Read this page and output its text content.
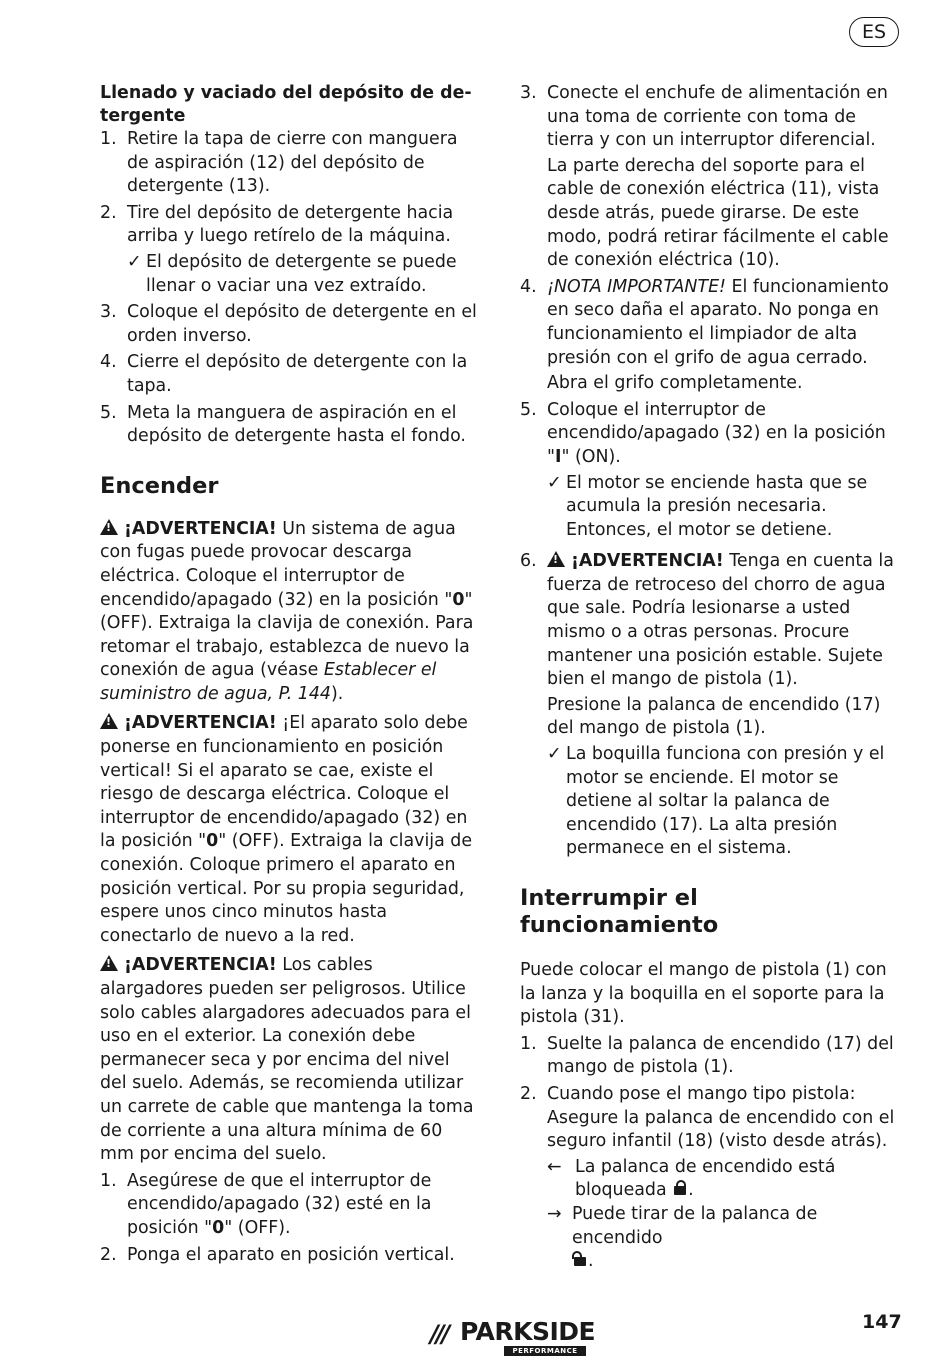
ES

Llenado y vaciado del depósito de de-
tergente

1. Retire la tapa de cierre con manguera de aspiración (12) del depósito de detergente (13).
2. Tire del depósito de detergente hacia arriba y luego retírelo de la máquina.
✓ El depósito de detergente se puede llenar o vaciar una vez extraído.
3. Coloque el depósito de detergente en el orden inverso.
4. Cierre el depósito de detergente con la tapa.
5. Meta la manguera de aspiración en el depósito de detergente hasta el fondo.
Encender

!¡ADVERTENCIA! Un sistema de agua con fugas puede provocar descarga eléctrica. Coloque el interruptor de encendido/apagado (32) en la posición "0" (OFF). Extraiga la clavija de conexión. Para retomar el trabajo, establezca de nuevo la conexión de agua (véase Establecer el suministro de agua, P. 144).

!¡ADVERTENCIA! ¡El aparato solo debe ponerse en funcionamiento en posición vertical! Si el aparato se cae, existe el riesgo de descarga eléctrica. Coloque el interruptor de encendido/apagado (32) en la posición "0" (OFF). Extraiga la clavija de conexión. Coloque primero el aparato en posición vertical. Por su propia seguridad, espere unos cinco minutos hasta conectarlo de nuevo a la red.

!¡ADVERTENCIA! Los cables alargadores pueden ser peligrosos. Utilice solo cables alargadores adecuados para el uso en el exterior. La conexión debe permanecer seca y por encima del nivel del suelo. Además, se recomienda utilizar un carrete de cable que mantenga la toma de corriente a una altura mínima de 60 mm por encima del suelo.

1. Asegúrese de que el interruptor de encendido/apagado (32) esté en la posición "0" (OFF).
2. Ponga el aparato en posición vertical.
3. Conecte el enchufe de alimentación en una toma de corriente con toma de tierra y con un interruptor diferencial.

La parte derecha del soporte para el cable de conexión eléctrica (11), vista desde atrás, puede girarse. De este modo, podrá retirar fácilmente el cable de conexión eléctrica (10).

4. ¡NOTA IMPORTANTE! El funcionamiento en seco daña el aparato. No ponga en funcionamiento el limpiador de alta presión con el grifo de agua cerrado.

Abra el grifo completamente.

5. Coloque el interruptor de encendido/apagado (32) en la posición "I" (ON).
✓ El motor se enciende hasta que se acumula la presión necesaria. Entonces, el motor se detiene.
6.
!	¡ADVERTENCIA! Tenga en cuenta la fuerza de retroceso del chorro de agua que sale. Podría lesionarse a usted mismo o a otras personas. Procure mantener una posición estable. Sujete bien el mango de pistola (1).

Presione la palanca de encendido (17) del mango de pistola (1).

✓ La boquilla funciona con presión y el motor se enciende. El motor se detiene al soltar la palanca de encendido (17). La alta presión permanece en el sistema.
Interrumpir el
funcionamiento

Puede colocar el mango de pistola (1) con la lanza y la boquilla en el soporte para la pistola (31).

1. Suelte la palanca de encendido (17) del mango de pistola (1).
2. Cuando pose el mango tipo pistola: Asegure la palanca de encendido con el seguro infantil (18) (visto desde atrás).
← La palanca de encendido está bloqueada .
→ Puede tirar de la palanca de encendido
.
/// PARKSIDE
PERFORMANCE
147
